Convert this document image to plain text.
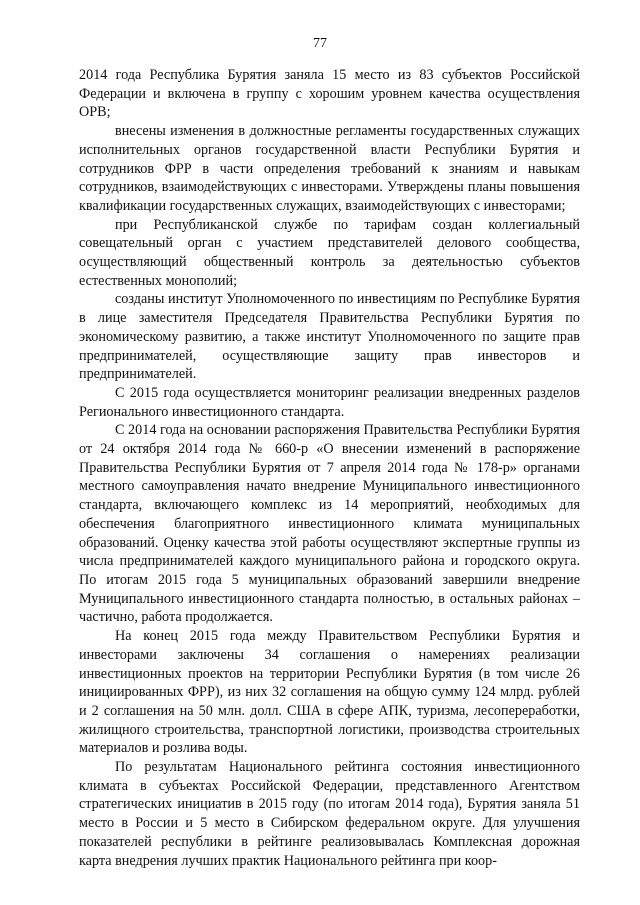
77

2014 года Республика Бурятия заняла 15 место из 83 субъектов Российской Федерации и включена в группу с хорошим уровнем качества осуществления ОРВ;

внесены изменения в должностные регламенты государственных служащих исполнительных органов государственной власти Республики Бурятия и сотрудников ФРР в части определения требований к знаниям и навыкам сотрудников, взаимодействующих с инвесторами. Утверждены планы повышения квалификации государственных служащих, взаимодействующих с инвесторами;

при Республиканской службе по тарифам создан коллегиальный совещательный орган с участием представителей делового сообщества, осуществляющий общественный контроль за деятельностью субъектов естественных монополий;

созданы институт Уполномоченного по инвестициям по Республике Бурятия в лице заместителя Председателя Правительства Республики Бурятия по экономическому развитию, а также институт Уполномоченного по защите прав предпринимателей, осуществляющие защиту прав инвесторов и предпринимателей.

С 2015 года осуществляется мониторинг реализации внедренных разделов Регионального инвестиционного стандарта.

С 2014 года на основании распоряжения Правительства Республики Бурятия от 24 октября 2014 года № 660-р «О внесении изменений в распоряжение Правительства Республики Бурятия от 7 апреля 2014 года № 178-р» органами местного самоуправления начато внедрение Муниципального инвестиционного стандарта, включающего комплекс из 14 мероприятий, необходимых для обеспечения благоприятного инвестиционного климата муниципальных образований. Оценку качества этой работы осуществляют экспертные группы из числа предпринимателей каждого муниципального района и городского округа. По итогам 2015 года 5 муниципальных образований завершили внедрение Муниципального инвестиционного стандарта полностью, в остальных районах – частично, работа продолжается.

На конец 2015 года между Правительством Республики Бурятия и инвесторами заключены 34 соглашения о намерениях реализации инвестиционных проектов на территории Республики Бурятия (в том числе 26 инициированных ФРР), из них 32 соглашения на общую сумму 124 млрд. рублей и 2 соглашения на 50 млн. долл. США в сфере АПК, туризма, лесопереработки, жилищного строительства, транспортной логистики, производства строительных материалов и розлива воды.

По результатам Национального рейтинга состояния инвестиционного климата в субъектах Российской Федерации, представленного Агентством стратегических инициатив в 2015 году (по итогам 2014 года), Бурятия заняла 51 место в России и 5 место в Сибирском федеральном округе. Для улучшения показателей республики в рейтинге реализовывалась Комплексная дорожная карта внедрения лучших практик Национального рейтинга при коор-
